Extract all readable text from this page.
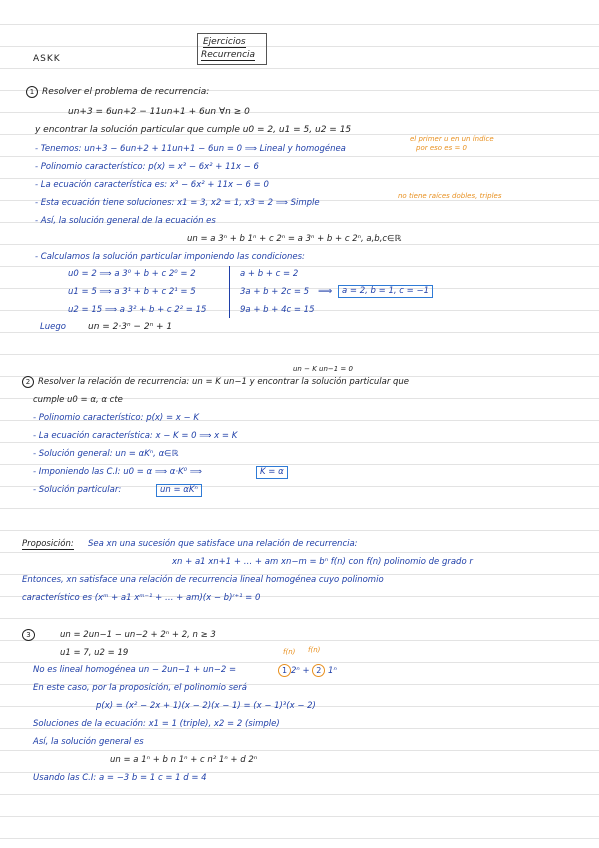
ASKK
Ejercicios
Recurrencia
1 Resolver el problema de recurrencia:
un+3 = 6un+2 − 11un+1 + 6un ∀n ≥ 0
y encontrar la solución particular que cumple u0 = 2, u1 = 5, u2 = 15
- Tenemos: un+3 − 6un+2 + 11un+1 − 6un = 0 ⟹ Lineal y homogénea
el primer u en un índice
por eso es = 0
- Polinomio característico: p(x) = x³ − 6x² + 11x − 6
- La ecuación característica es: x³ − 6x² + 11x − 6 = 0
- Esta ecuación tiene soluciones: x1 = 3, x2 = 1, x3 = 2 ⟹ Simple
no tiene raíces dobles, triples
- Así, la solución general de la ecuación es
un = a 3ⁿ + b 1ⁿ + c 2ⁿ = a 3ⁿ + b + c 2ⁿ, a,b,c∈ℝ
- Calculamos la solución particular imponiendo las condiciones:
u0 = 2 ⟹ a 3⁰ + b + c 2⁰ = 2
u1 = 5 ⟹ a 3¹ + b + c 2¹ = 5
u2 = 15 ⟹ a 3² + b + c 2² = 15
a + b + c = 2
3a + b + 2c = 5
9a + b + 4c = 15
⟹	a = 2, b = 1, c = −1
Luego un = 2·3ⁿ − 2ⁿ + 1
2
un − K un−1 = 0
Resolver la relación de recurrencia: un = K un−1 y encontrar la solución particular que
cumple u0 = α, α cte
- Polinomio característico: p(x) = x − K
- La ecuación característica: x − K = 0 ⟹ x = K
- Solución general: un = αKⁿ, α∈ℝ
- Imponiendo las C.I: u0 = α ⟹ α·K⁰ ⟹	K = α
- Solución particular:	un = αKⁿ
Proposición: Sea xn una sucesión que satisface una relación de recurrencia:
xn + a1 xn+1 + … + am xn−m = bⁿ f(n) con f(n) polinomio de grado r
Entonces, xn satisface una relación de recurrencia lineal homogénea cuyo polinomio
característico es (xᵐ + a1 xᵐ⁻¹ + … + am)(x − b)ʳ⁺¹ = 0
3	un = 2un−1 − un−2 + 2ⁿ + 2, n ≥ 3
u1 = 7, u2 = 19	f(n) f(n)
No es lineal homogénea un − 2un−1 + un−2 =	1 2ⁿ + 2 1ⁿ
En este caso, por la proposición, el polinomio será
p(x) = (x² − 2x + 1)(x − 2)(x − 1) = (x − 1)³(x − 2)
Soluciones de la ecuación: x1 = 1 (triple), x2 = 2 (simple)
Así, la solución general es
un = a 1ⁿ + b n 1ⁿ + c n² 1ⁿ + d 2ⁿ
Usando las C.I: a = −3 b = 1 c = 1 d = 4
